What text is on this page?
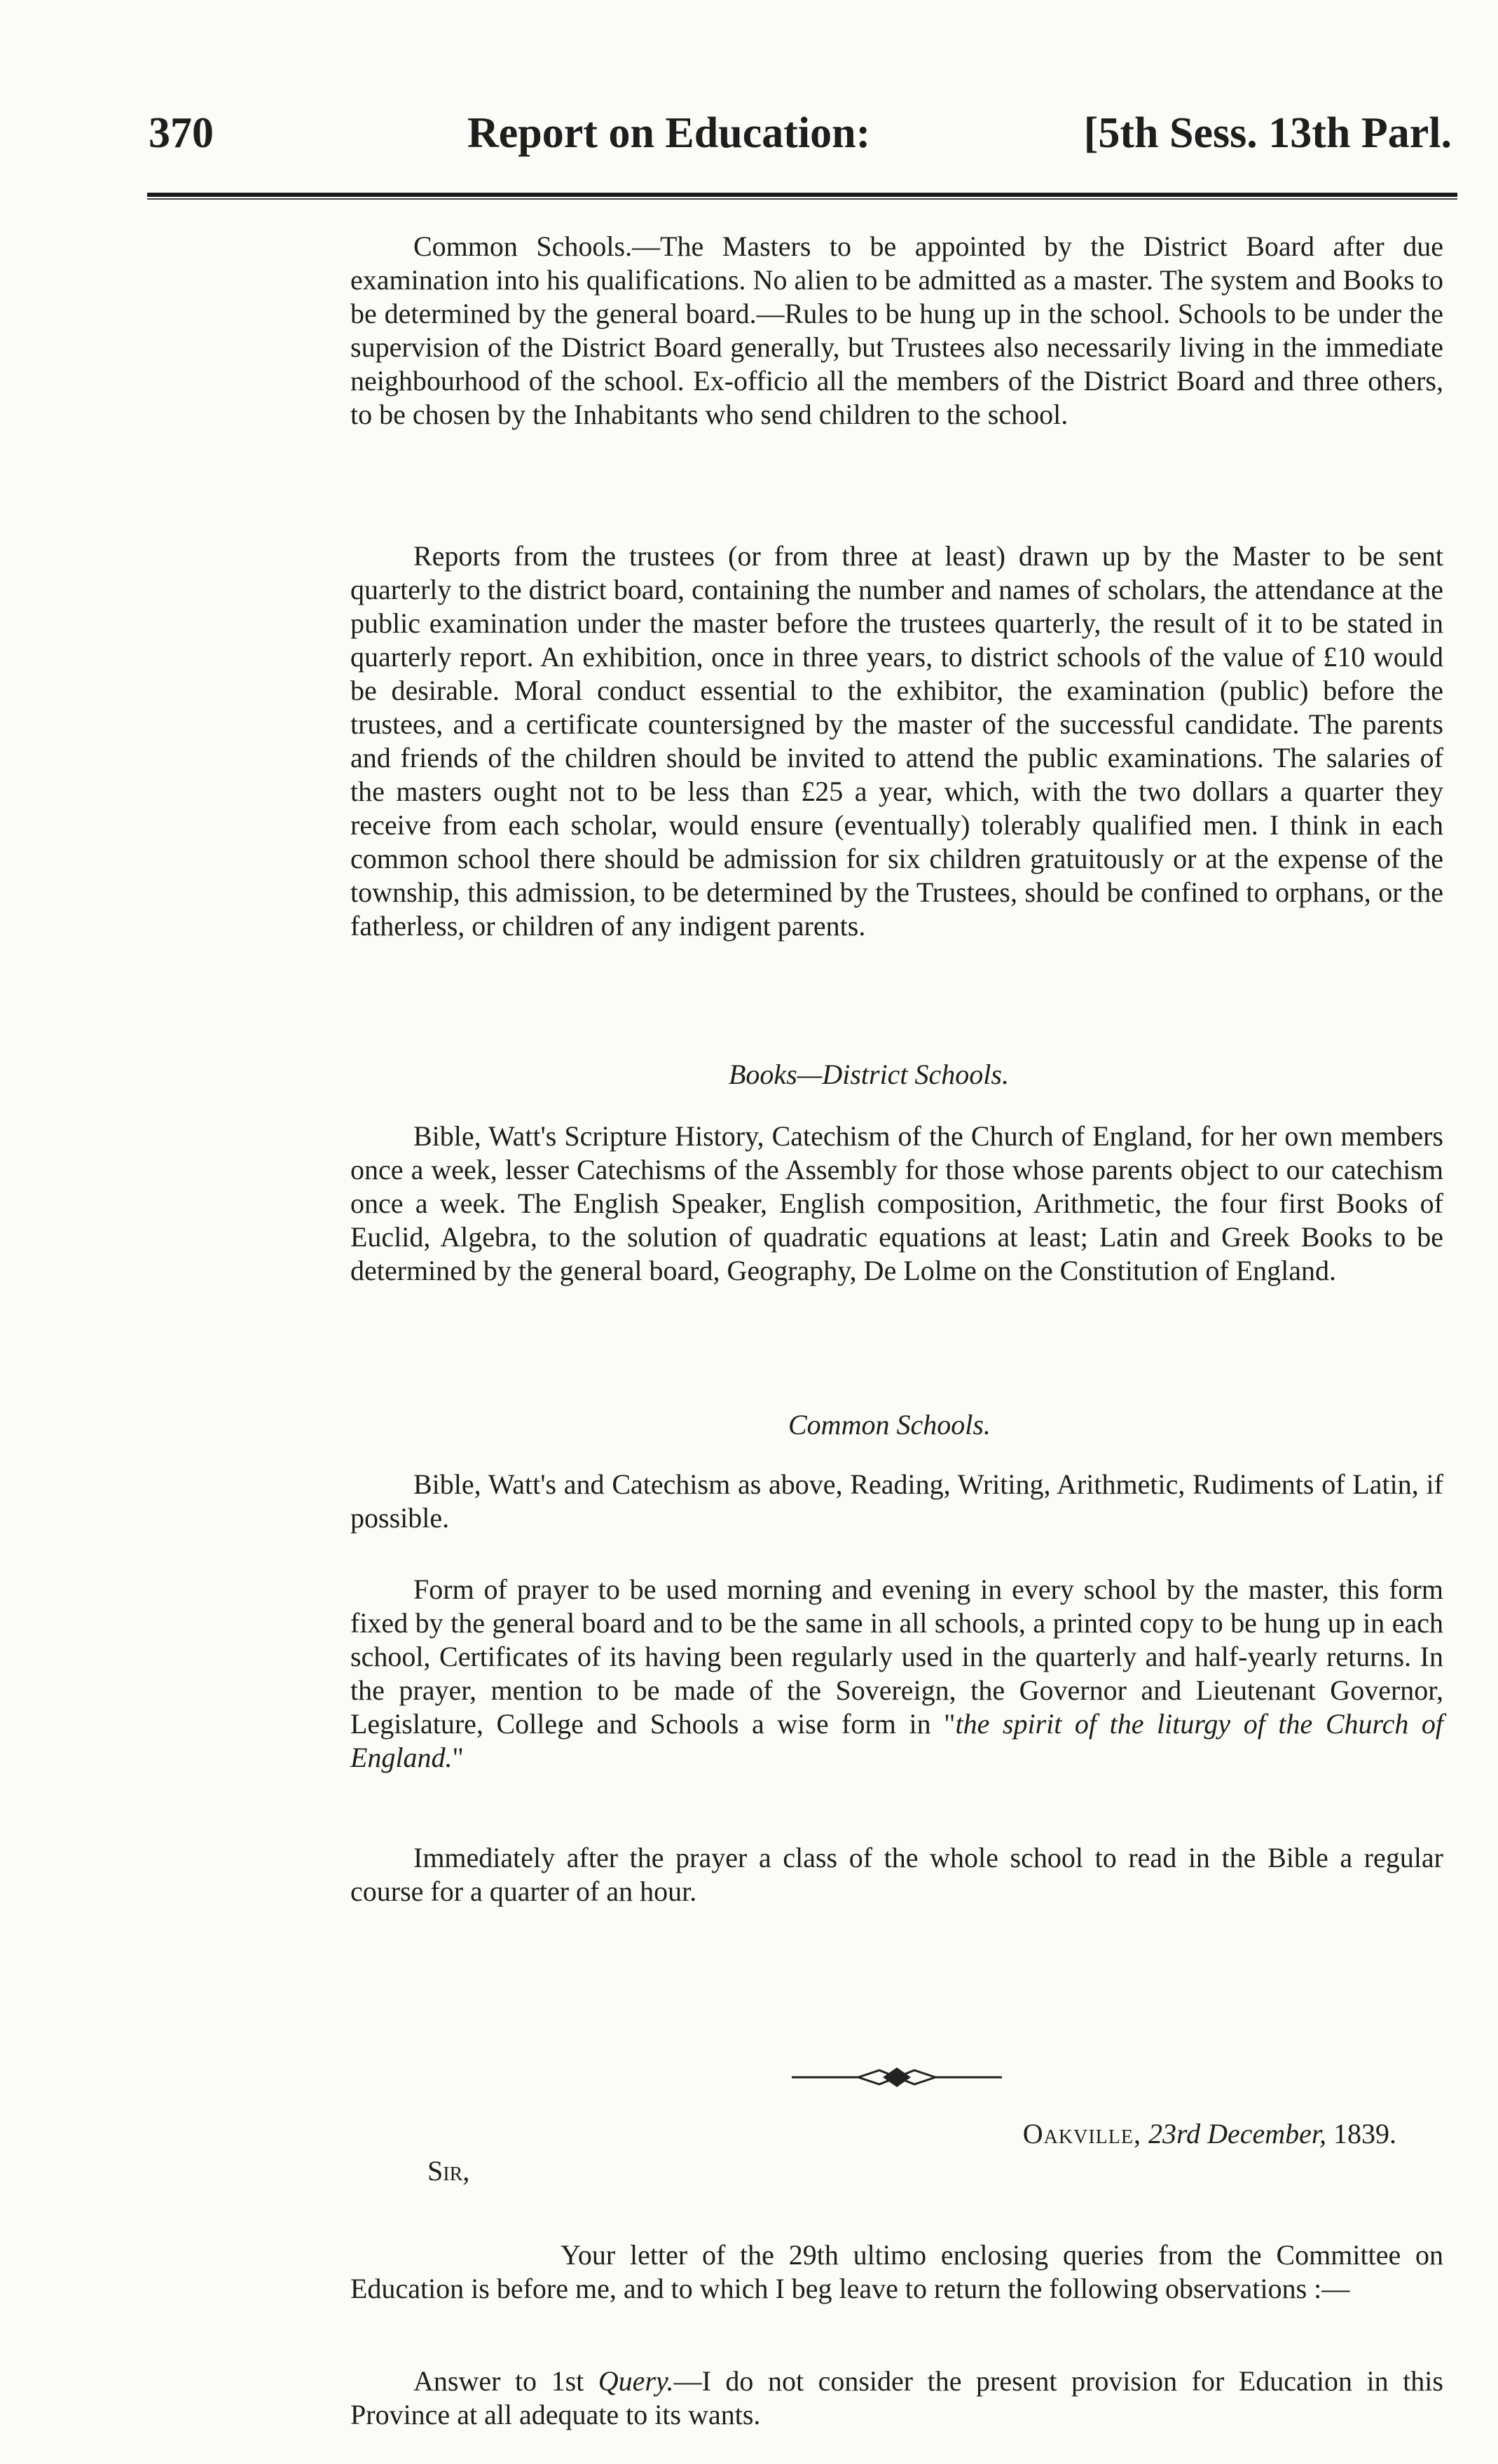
370	Report on Education:	[5th Sess. 13th Parl.

Common Schools.—The Masters to be appointed by the District Board after due examination into his qualifications. No alien to be admitted as a master. The system and Books to be determined by the general board.—Rules to be hung up in the school. Schools to be under the supervision of the District Board generally, but Trustees also necessarily living in the immediate neighbourhood of the school. Ex-officio all the members of the District Board and three others, to be chosen by the Inhabitants who send children to the school.

Reports from the trustees (or from three at least) drawn up by the Master to be sent quarterly to the district board, containing the number and names of scholars, the attendance at the public examination under the master before the trustees quarterly, the result of it to be stated in quarterly report. An exhibition, once in three years, to district schools of the value of £10 would be desirable. Moral conduct essential to the exhibitor, the examination (public) before the trustees, and a certificate countersigned by the master of the successful candidate. The parents and friends of the children should be invited to attend the public examinations. The salaries of the masters ought not to be less than £25 a year, which, with the two dollars a quarter they receive from each scholar, would ensure (eventually) tolerably qualified men. I think in each common school there should be admission for six children gratuitously or at the expense of the township, this admission, to be determined by the Trustees, should be confined to orphans, or the fatherless, or children of any indigent parents.

Books—District Schools.

Bible, Watt's Scripture History, Catechism of the Church of England, for her own members once a week, lesser Catechisms of the Assembly for those whose parents object to our catechism once a week. The English Speaker, English composition, Arithmetic, the four first Books of Euclid, Algebra, to the solution of quadratic equations at least; Latin and Greek Books to be determined by the general board, Geography, De Lolme on the Constitution of England.

Common Schools.

Bible, Watt's and Catechism as above, Reading, Writing, Arithmetic, Rudiments of Latin, if possible.

Form of prayer to be used morning and evening in every school by the master, this form fixed by the general board and to be the same in all schools, a printed copy to be hung up in each school, Certificates of its having been regularly used in the quarterly and half-yearly returns. In the prayer, mention to be made of the Sovereign, the Governor and Lieutenant Governor, Legislature, College and Schools a wise form in "the spirit of the liturgy of the Church of England."

Immediately after the prayer a class of the whole school to read in the Bible a regular course for a quarter of an hour.

Oakville, 23rd December, 1839.
Sir,

Your letter of the 29th ultimo enclosing queries from the Committee on Education is before me, and to which I beg leave to return the following observations :—

Answer to 1st Query.—I do not consider the present provision for Education in this Province at all adequate to its wants.
